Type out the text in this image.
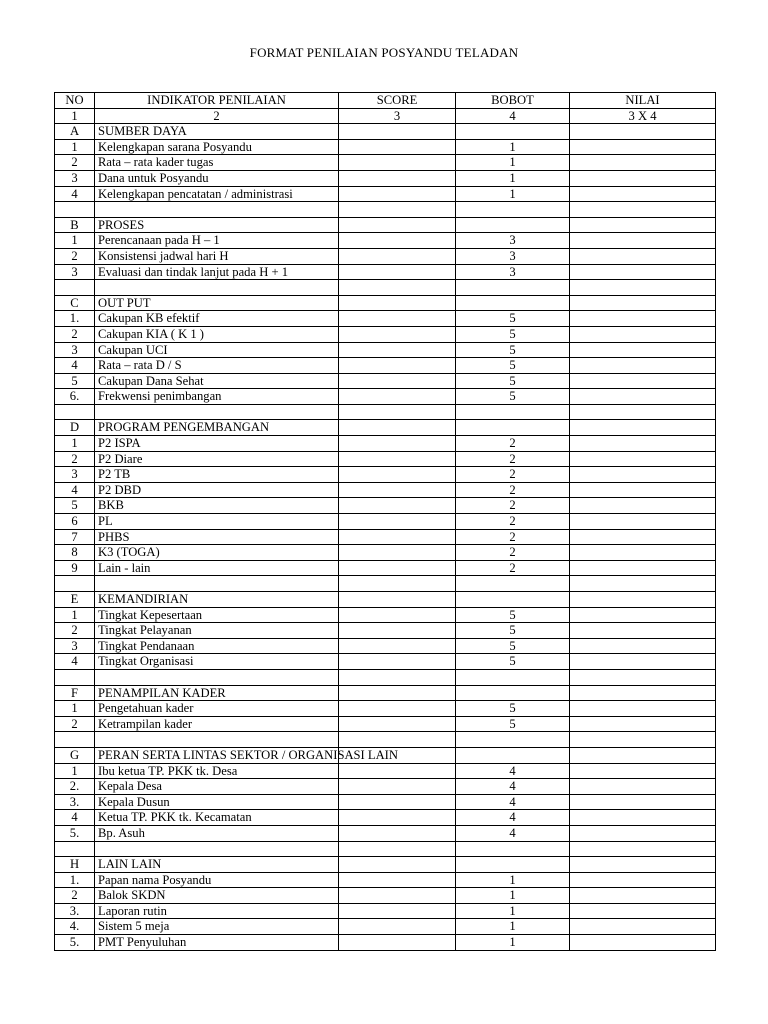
FORMAT PENILAIAN POSYANDU TELADAN
NO	INDIKATOR PENILAIAN	SCORE	BOBOT	NILAI
1	2	3	4	3 X 4
A	SUMBER DAYA			
1	Kelengkapan sarana Posyandu		1	
2	Rata – rata kader tugas		1	
3	Dana untuk Posyandu		1	
4	Kelengkapan pencatatan / administrasi		1	

B	PROSES			
1	Perencanaan pada H – 1		3	
2	Konsistensi jadwal hari H		3	
3	Evaluasi dan tindak lanjut pada H + 1		3	

C	OUT PUT			
1.	Cakupan KB efektif		5	
2	Cakupan KIA ( K 1 )		5	
3	Cakupan UCI		5	
4	Rata – rata D / S		5	
5	Cakupan Dana Sehat		5	
6.	Frekwensi penimbangan		5	

D	PROGRAM PENGEMBANGAN			
1	P2 ISPA		2	
2	P2 Diare		2	
3	P2 TB		2	
4	P2 DBD		2	
5	BKB		2	
6	PL		2	
7	PHBS		2	
8	K3 (TOGA)		2	
9	Lain - lain		2	

E	KEMANDIRIAN			
1	Tingkat Kepesertaan		5	
2	Tingkat Pelayanan		5	
3	Tingkat Pendanaan		5	
4	Tingkat Organisasi		5	

F	PENAMPILAN KADER			
1	Pengetahuan kader		5	
2	Ketrampilan kader		5	

G	PERAN SERTA LINTAS SEKTOR / ORGANISASI LAIN			
1	Ibu ketua TP. PKK tk. Desa		4	
2.	Kepala Desa		4	
3.	Kepala Dusun		4	
4	Ketua TP. PKK tk. Kecamatan		4	
5.	Bp. Asuh		4	

H	LAIN LAIN			
1.	Papan nama Posyandu		1	
2	Balok SKDN		1	
3.	Laporan rutin		1	
4.	Sistem 5 meja		1	
5.	PMT Penyuluhan		1	
